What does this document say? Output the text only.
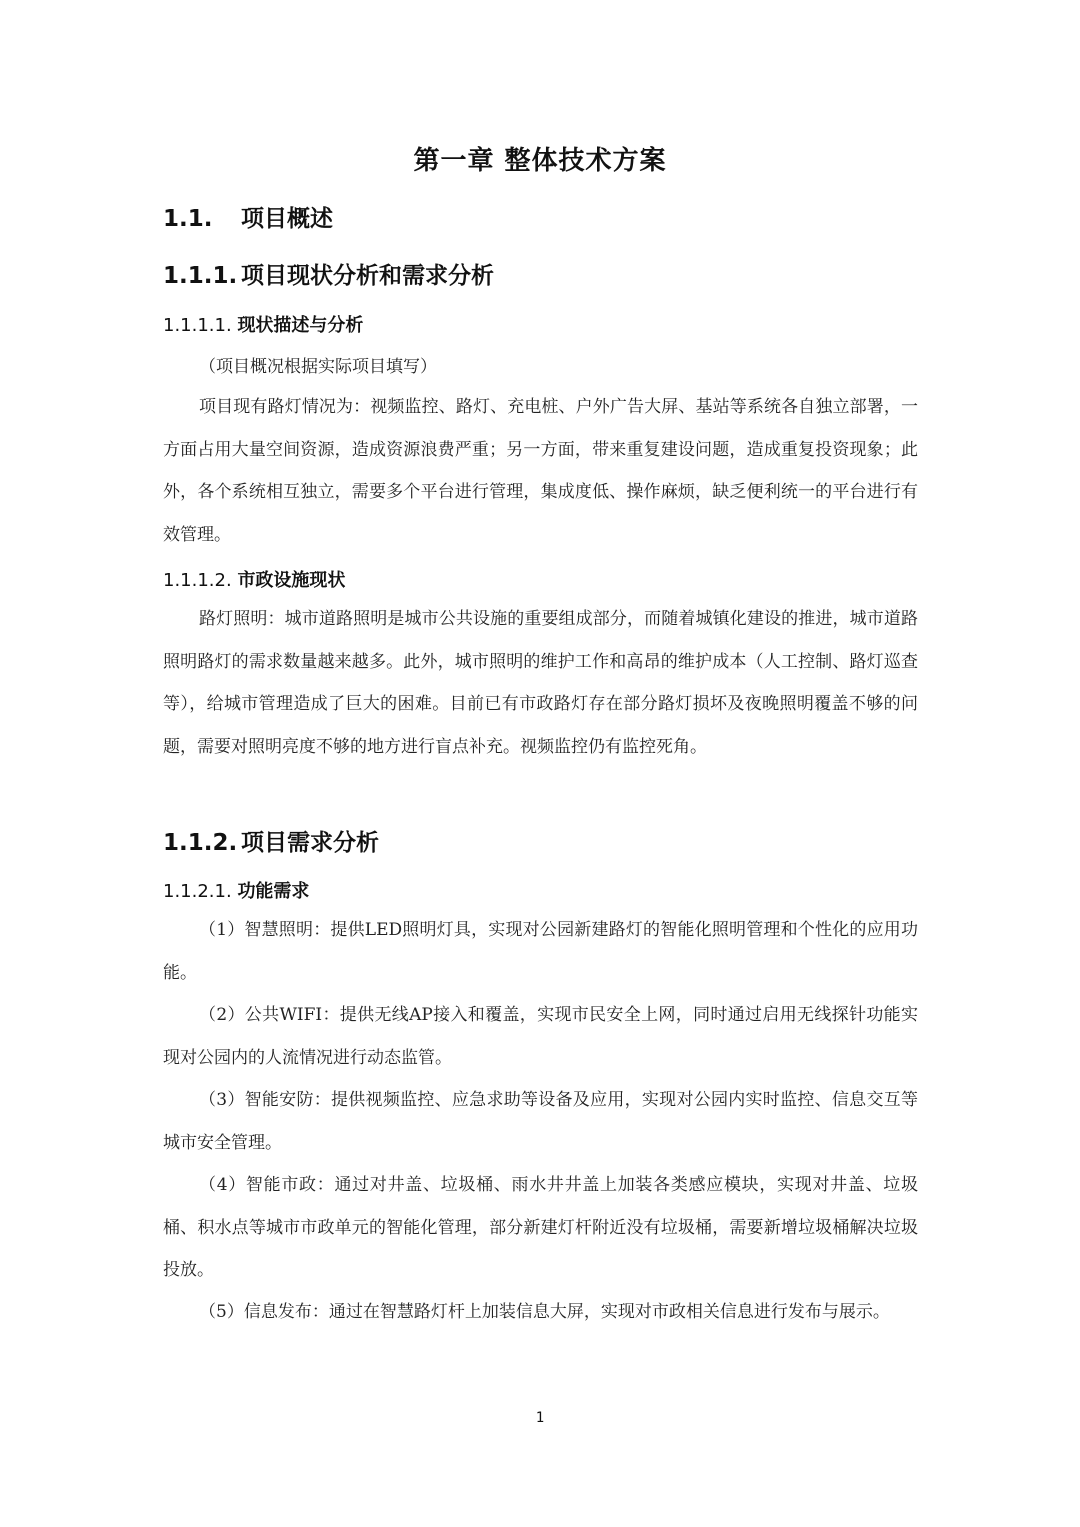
第一章 整体技术方案
1.1. 项目概述
1.1.1. 项目现状分析和需求分析
1.1.1.1. 现状描述与分析
（项目概况根据实际项目填写）
项目现有路灯情况为：视频监控、路灯、充电桩、户外广告大屏、基站等系统各自独立部署，一方面占用大量空间资源，造成资源浪费严重；另一方面，带来重复建设问题，造成重复投资现象；此外，各个系统相互独立，需要多个平台进行管理，集成度低、操作麻烦，缺乏便利统一的平台进行有效管理。
1.1.1.2. 市政设施现状
路灯照明：城市道路照明是城市公共设施的重要组成部分，而随着城镇化建设的推进，城市道路照明路灯的需求数量越来越多。此外，城市照明的维护工作和高昂的维护成本（人工控制、路灯巡查等），给城市管理造成了巨大的困难。目前已有市政路灯存在部分路灯损坏及夜晚照明覆盖不够的问题，需要对照明亮度不够的地方进行盲点补充。视频监控仍有监控死角。
1.1.2. 项目需求分析
1.1.2.1. 功能需求
（1）智慧照明：提供LED照明灯具，实现对公园新建路灯的智能化照明管理和个性化的应用功能。
（2）公共WIFI：提供无线AP接入和覆盖，实现市民安全上网，同时通过启用无线探针功能实现对公园内的人流情况进行动态监管。
（3）智能安防：提供视频监控、应急求助等设备及应用，实现对公园内实时监控、信息交互等城市安全管理。
（4）智能市政：通过对井盖、垃圾桶、雨水井井盖上加装各类感应模块，实现对井盖、垃圾桶、积水点等城市市政单元的智能化管理，部分新建灯杆附近没有垃圾桶，需要新增垃圾桶解决垃圾投放。
（5）信息发布：通过在智慧路灯杆上加装信息大屏，实现对市政相关信息进行发布与展示。
1
